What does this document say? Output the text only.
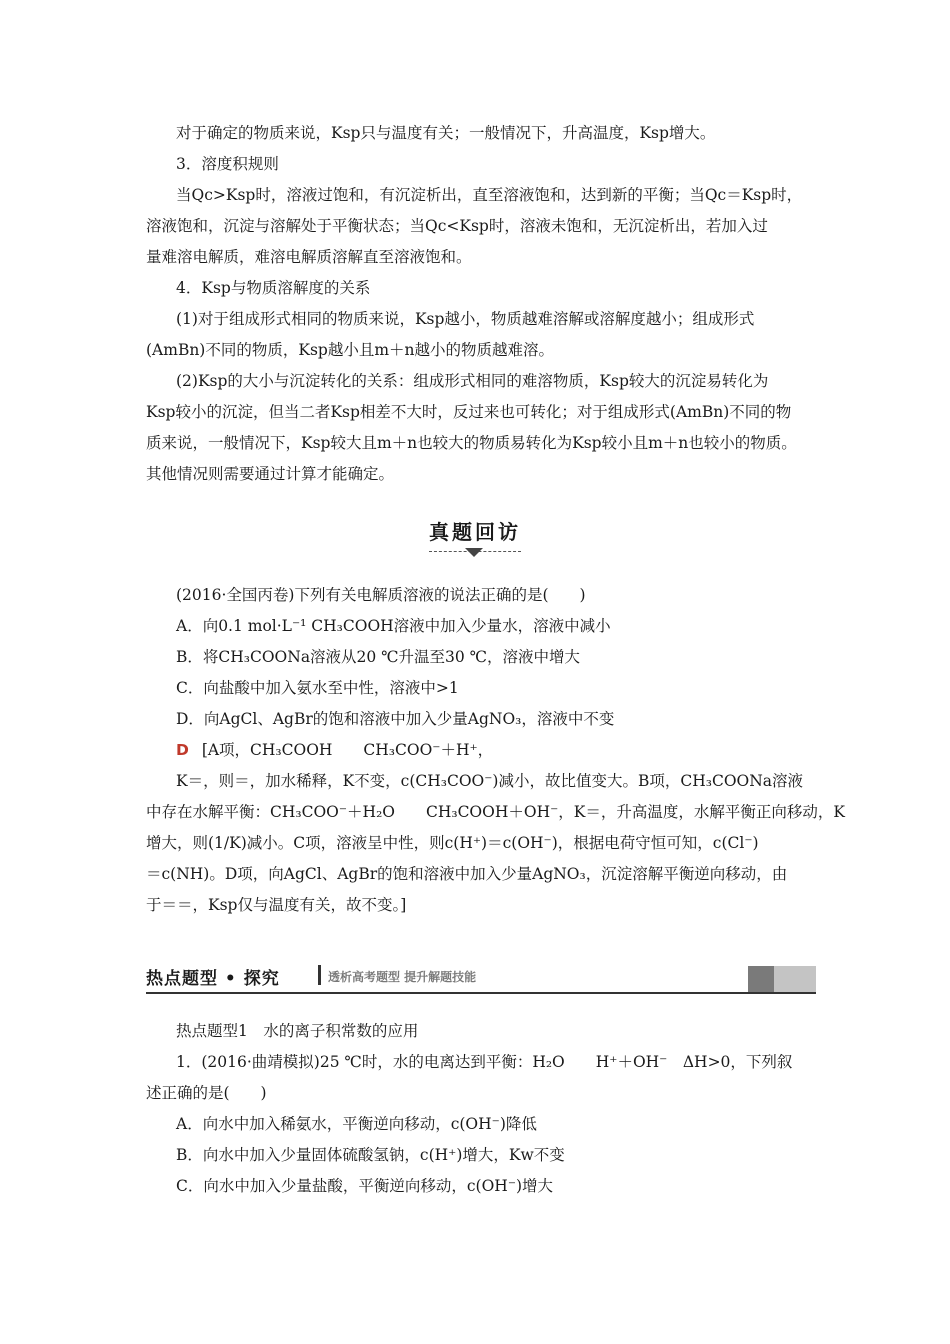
对于确定的物质来说，Ksp只与温度有关；一般情况下，升高温度，Ksp增大。
3．溶度积规则
当Qc>Ksp时，溶液过饱和，有沉淀析出，直至溶液饱和，达到新的平衡；当Qc＝Ksp时，
溶液饱和，沉淀与溶解处于平衡状态；当Qc<Ksp时，溶液未饱和，无沉淀析出，若加入过
量难溶电解质，难溶电解质溶解直至溶液饱和。
4．Ksp与物质溶解度的关系
(1)对于组成形式相同的物质来说，Ksp越小，物质越难溶解或溶解度越小；组成形式
(AmBn)不同的物质，Ksp越小且m＋n越小的物质越难溶。
(2)Ksp的大小与沉淀转化的关系：组成形式相同的难溶物质，Ksp较大的沉淀易转化为
Ksp较小的沉淀，但当二者Ksp相差不大时，反过来也可转化；对于组成形式(AmBn)不同的物
质来说，一般情况下，Ksp较大且m＋n也较大的物质易转化为Ksp较小且m＋n也较小的物质。
其他情况则需要通过计算才能确定。
真题回访
(2016·全国丙卷)下列有关电解质溶液的说法正确的是(　　)
A．向0.1 mol·L⁻¹ CH₃COOH溶液中加入少量水，溶液中减小
B．将CH₃COONa溶液从20 ℃升温至30 ℃，溶液中增大
C．向盐酸中加入氨水至中性，溶液中>1
D．向AgCl、AgBr的饱和溶液中加入少量AgNO₃，溶液中不变
D [A项，CH₃COOH　　CH₃COO⁻＋H⁺，
K＝，则＝，加水稀释，K不变，c(CH₃COO⁻)减小，故比值变大。B项，CH₃COONa溶液
中存在水解平衡：CH₃COO⁻＋H₂O　　CH₃COOH＋OH⁻，K＝，升高温度，水解平衡正向移动，K
增大，则(1/K)减小。C项，溶液呈中性，则c(H⁺)＝c(OH⁻)，根据电荷守恒可知，c(Cl⁻)
＝c(NH)。D项，向AgCl、AgBr的饱和溶液中加入少量AgNO₃，沉淀溶解平衡逆向移动，由
于＝＝，Ksp仅与温度有关，故不变。]
热点题型 • 探究	透析高考题型 提升解题技能
热点题型1　水的离子积常数的应用
1．(2016·曲靖模拟)25 ℃时，水的电离达到平衡：H₂O　　H⁺＋OH⁻　ΔH>0，下列叙
述正确的是(　　)
A．向水中加入稀氨水，平衡逆向移动，c(OH⁻)降低
B．向水中加入少量固体硫酸氢钠，c(H⁺)增大，Kw不变
C．向水中加入少量盐酸，平衡逆向移动，c(OH⁻)增大
